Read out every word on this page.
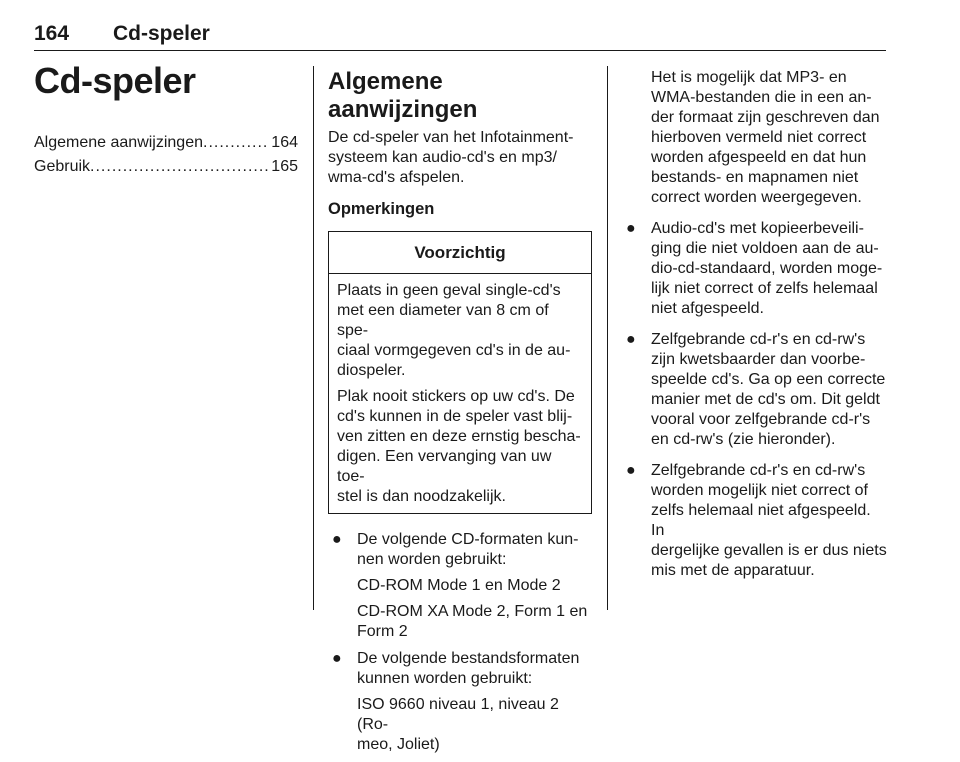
164 Cd-speler
Cd-speler
Algemene aanwijzingen .....	164
Gebruik .....	165
Algemene aanwijzingen

De cd-speler van het Infotainment-

systeem kan audio-cd's en mp3/

wma-cd's afspelen.

Opmerkingen
Voorzichtig

Plaats in geen geval single-cd's

met een diameter van 8 cm of spe-

ciaal vormgegeven cd's in de au-

diospeler.

Plak nooit stickers op uw cd's. De

cd's kunnen in de speler vast blij-

ven zitten en deze ernstig bescha-

digen. Een vervanging van uw toe-

stel is dan noodzakelijk.

● De volgende CD-formaten kun-

nen worden gebruikt:

CD-ROM Mode 1 en Mode 2

CD-ROM XA Mode 2, Form 1 en

Form 2

● De volgende bestandsformaten

kunnen worden gebruikt:

ISO 9660 niveau 1, niveau 2 (Ro-

meo, Joliet)

Het is mogelijk dat MP3- en

WMA-bestanden die in een an-

der formaat zijn geschreven dan

hierboven vermeld niet correct

worden afgespeeld en dat hun

bestands- en mapnamen niet

correct worden weergegeven.

● Audio-cd's met kopieerbeveili-

ging die niet voldoen aan de au-

dio-cd-standaard, worden moge-

lijk niet correct of zelfs helemaal

niet afgespeeld.

● Zelfgebrande cd-r's en cd-rw's

zijn kwetsbaarder dan voorbe-

speelde cd's. Ga op een correcte

manier met de cd's om. Dit geldt

vooral voor zelfgebrande cd-r's

en cd-rw's (zie hieronder).

● Zelfgebrande cd-r's en cd-rw's

worden mogelijk niet correct of

zelfs helemaal niet afgespeeld. In

dergelijke gevallen is er dus niets

mis met de apparatuur.
